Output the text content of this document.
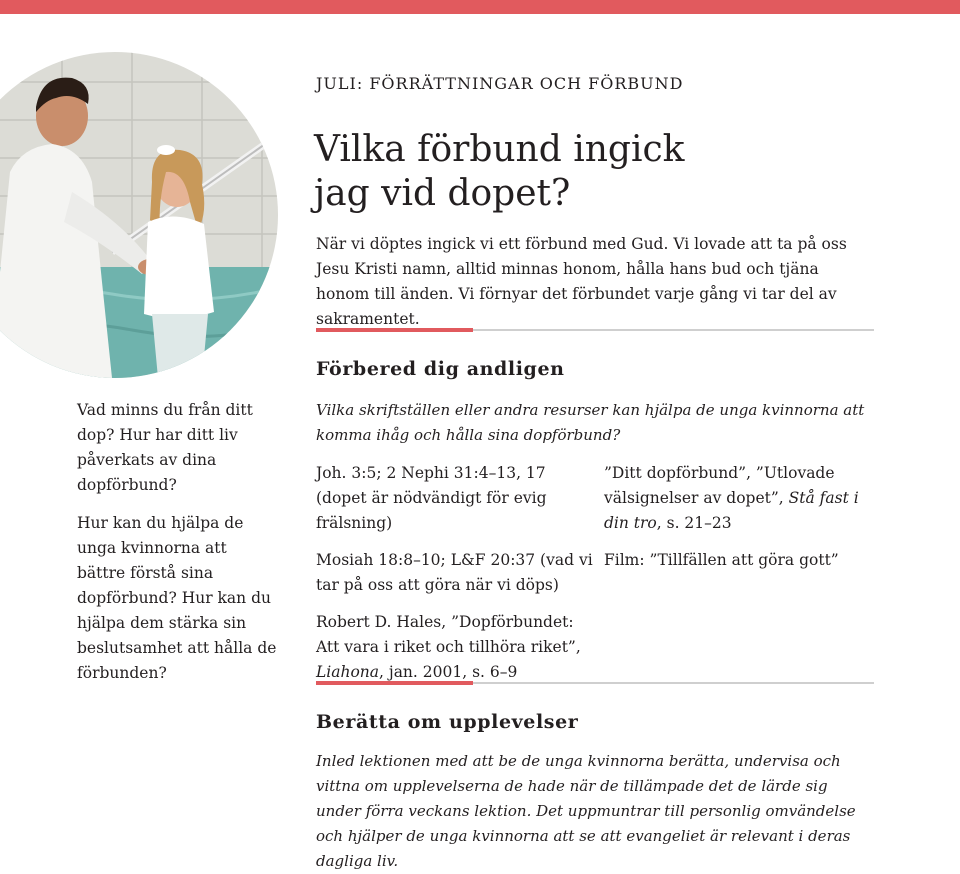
JULI: FÖRRÄTTNINGAR OCH FÖRBUND
Vilka förbund ingick
jag vid dopet?

När vi döptes ingick vi ett förbund med Gud. Vi lovade att ta på oss Jesu Kristi namn, alltid minnas honom, hålla hans bud och tjäna honom till änden. Vi förnyar det förbundet varje gång vi tar del av sakramentet.

Förbered dig andligen

Vad minns du från ditt dop? Hur har ditt liv påverkats av dina dopförbund?

Hur kan du hjälpa de unga kvinnorna att bättre förstå sina dopförbund? Hur kan du hjälpa dem stärka sin beslutsamhet att hålla de förbunden?

Vilka skriftställen eller andra resurser kan hjälpa de unga kvinnorna att komma ihåg och hålla sina dopförbund?

Joh. 3:5; 2 Nephi 31:4–13, 17 (dopet är nödvändigt för evig frälsning)

Mosiah 18:8–10; L&F 20:37 (vad vi tar på oss att göra när vi döps)

Robert D. Hales, ”Dopförbundet: Att vara i riket och tillhöra riket”, Liahona, jan. 2001, s. 6–9

”Ditt dopförbund”, ”Utlovade välsignelser av dopet”, Stå fast i din tro, s. 21–23

Film: ”Tillfällen att göra gott”

Berätta om upplevelser

Inled lektionen med att be de unga kvinnorna berätta, undervisa och vittna om upplevelserna de hade när de tillämpade det de lärde sig under förra veckans lektion. Det uppmuntrar till personlig omvändelse och hjälper de unga kvinnorna att se att evangeliet är relevant i deras dagliga liv.
